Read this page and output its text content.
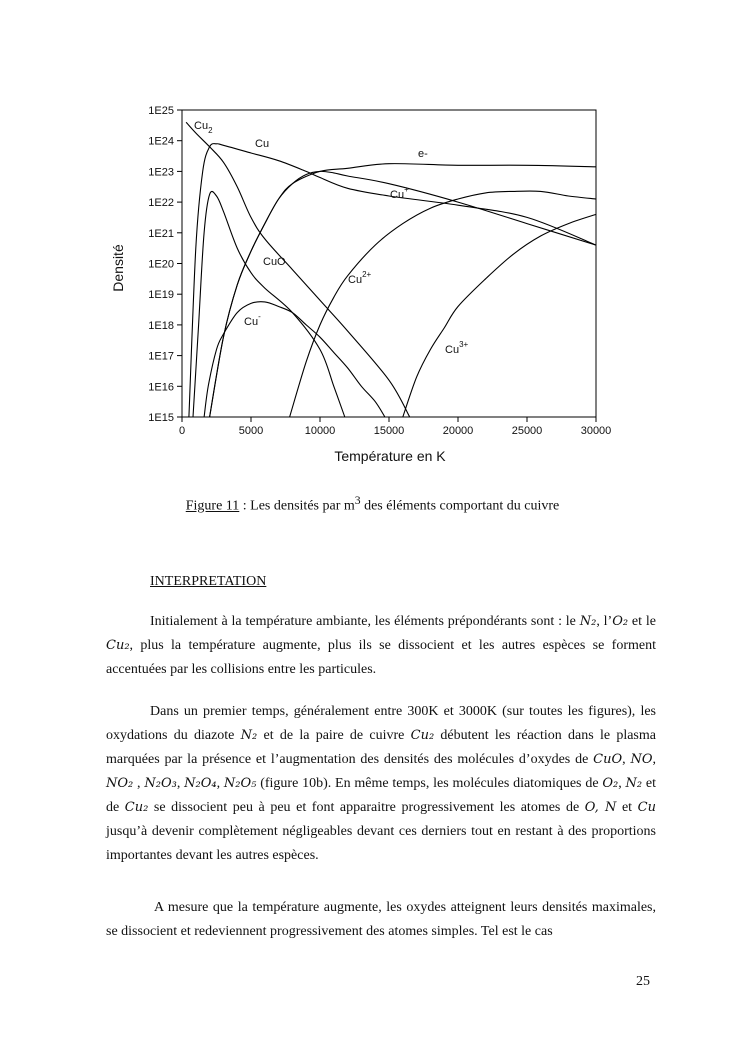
0	5000	10000	15000	20000	25000	30000
1E25
1E24
1E23
1E22
1E21
1E20
1E19
1E18
1E17
1E16
1E15
$Cu_2$
Cu
e-
Cu+
CuO
$Cu^{2+}$
Cu-
$Cu^{3+}$
Température en K
Densité
Figure 11 : Les densités par $m^3$ des éléments comportant du cuivre
INTERPRETATION

Initialement à la température ambiante, les éléments prépondérants sont : le N₂, l’O₂ et le Cu₂, plus la température augmente, plus ils se dissocient et les autres espèces se forment accentuées par les collisions entre les particules.

Dans un premier temps, généralement entre 300K et 3000K (sur toutes les figures), les oxydations du diazote N₂ et de la paire de cuivre Cu₂ débutent les réaction dans le plasma marquées par la présence et l’augmentation des densités des molécules d’oxydes de CuO, NO, NO₂ , N₂O₃, N₂O₄, N₂O₅ (figure 10b). En même temps, les molécules diatomiques de O₂, N₂ et de Cu₂ se dissocient peu à peu et font apparaitre progressivement les atomes de O, N et Cu jusqu’à devenir complètement négligeables devant ces derniers tout en restant à des proportions importantes devant les autres espèces.

A mesure que la température augmente, les oxydes atteignent leurs densités maximales, se dissocient et redeviennent progressivement des atomes simples. Tel est le cas

25
